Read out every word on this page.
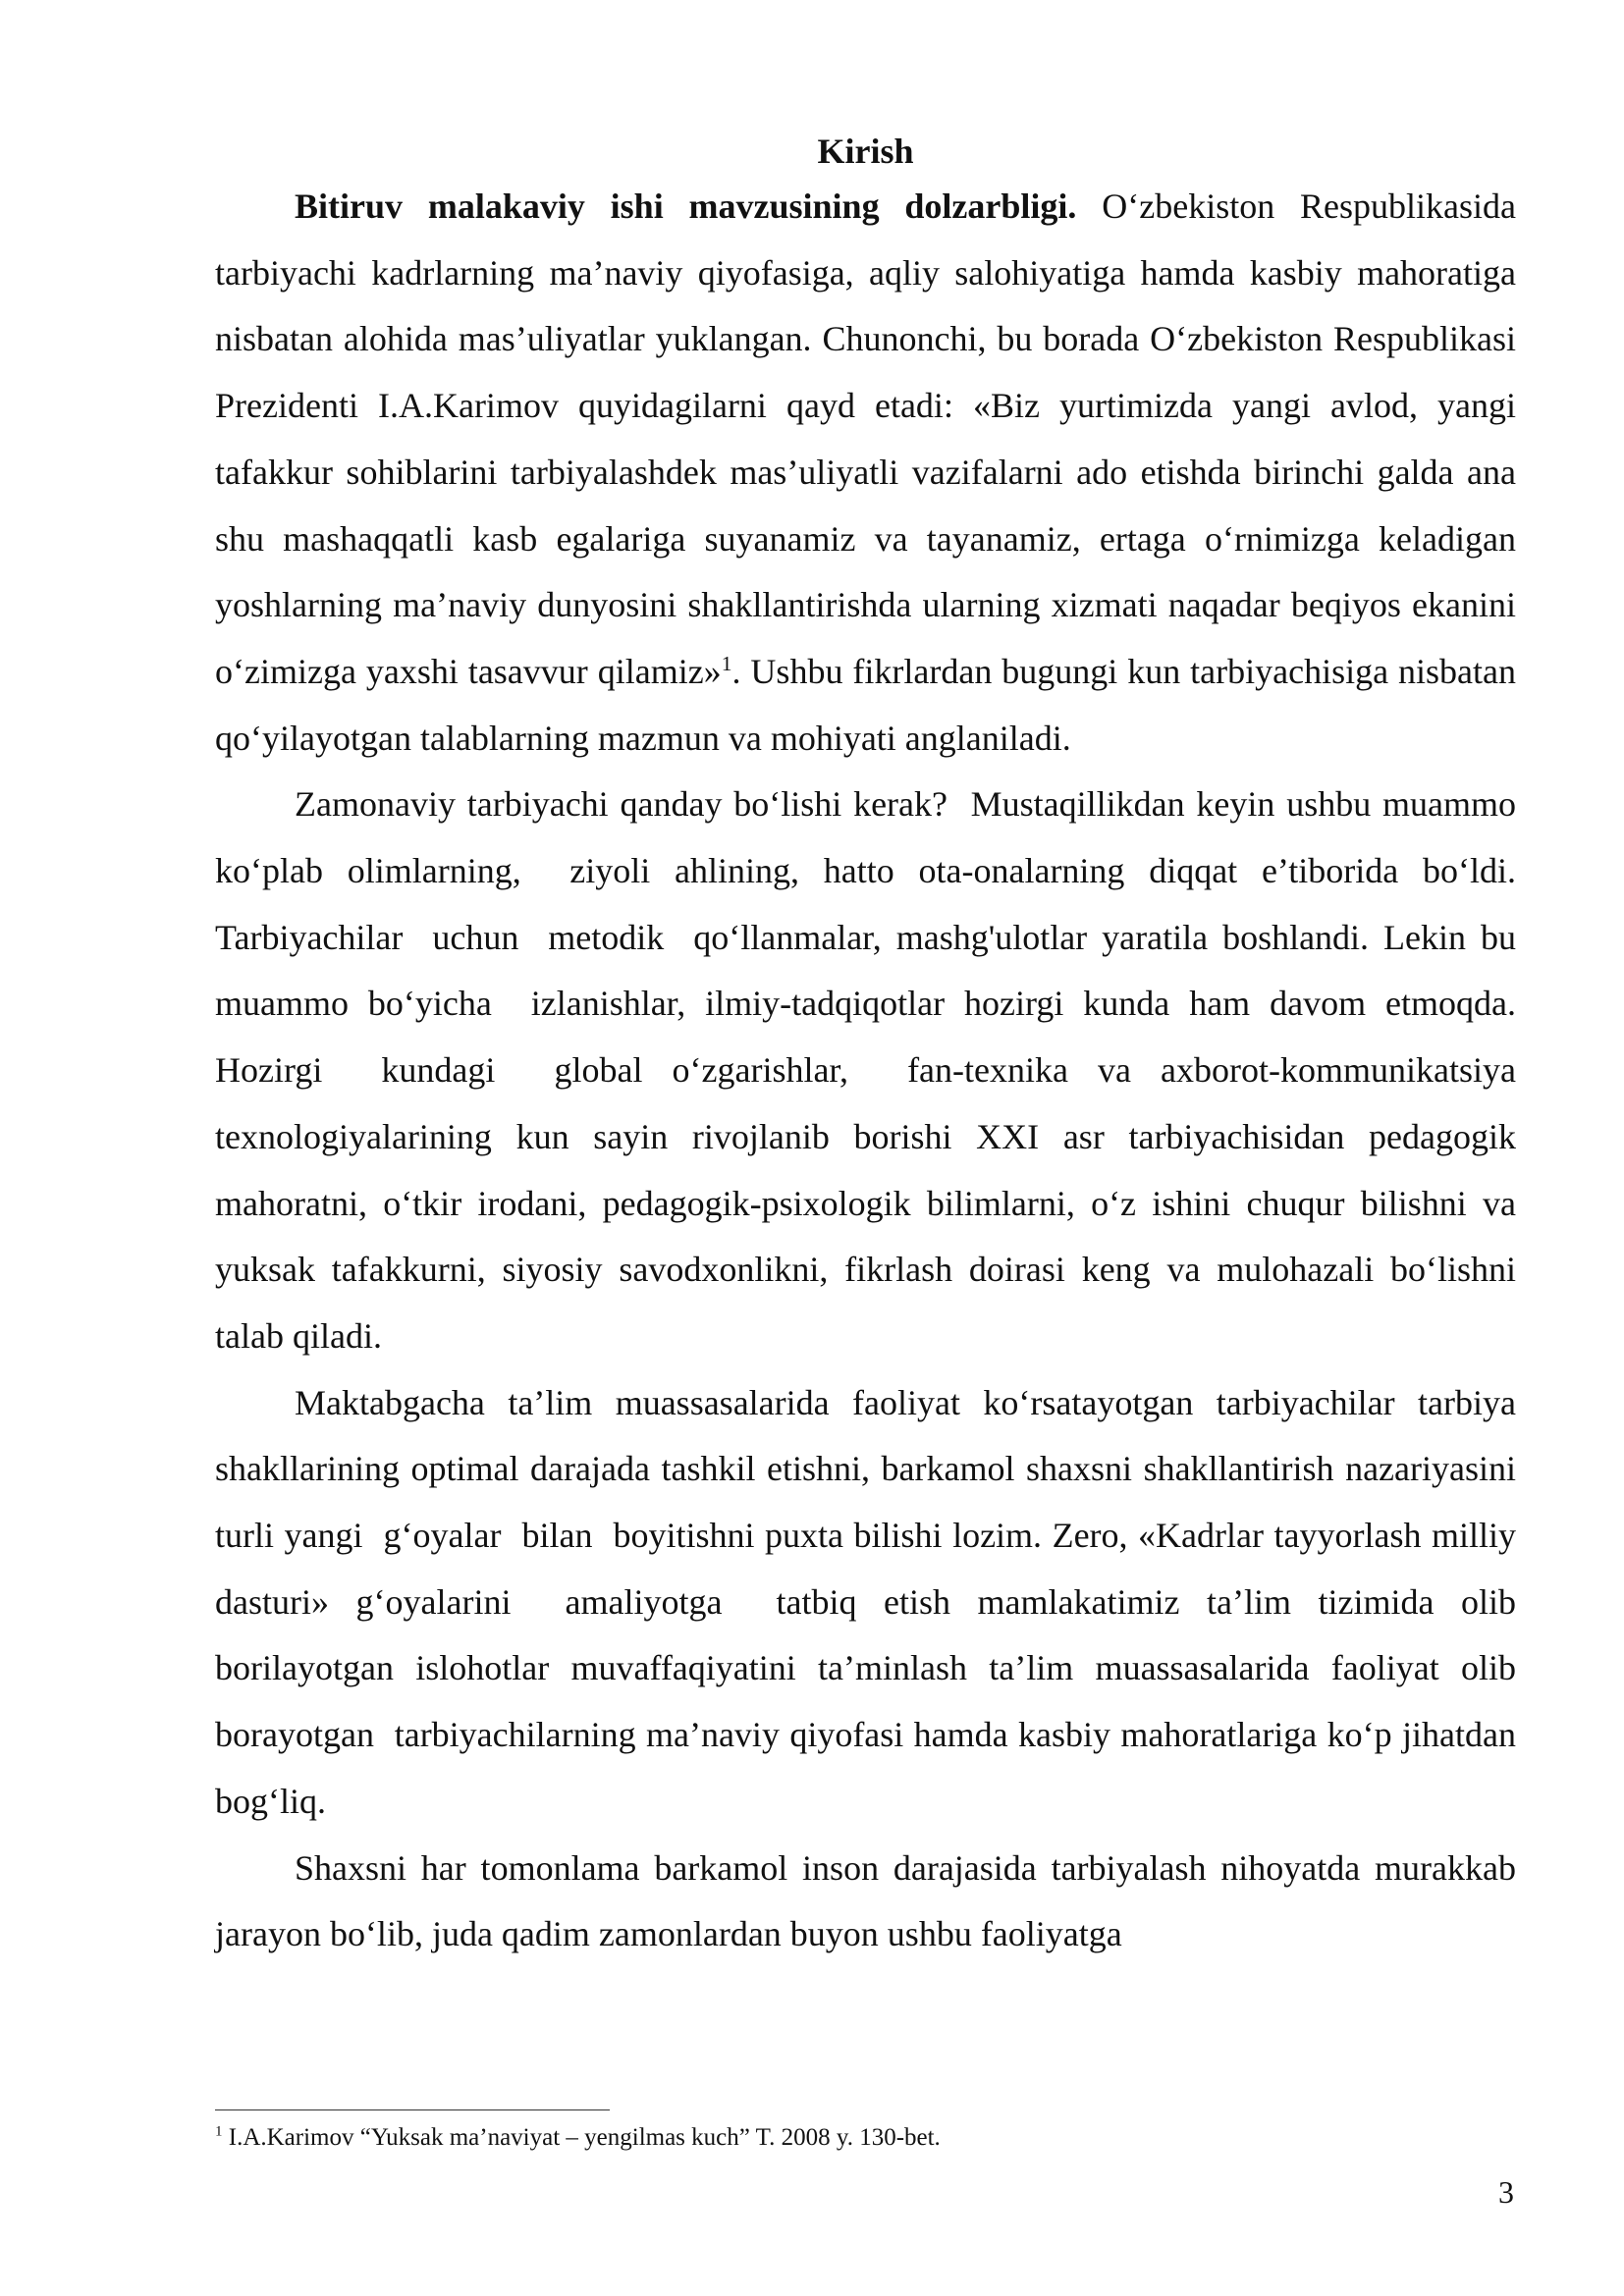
Kirish

Bitiruv malakaviy ishi mavzusining dolzarbligi. O‘zbekiston Respublikasida tarbiyachi kadrlarning ma’naviy qiyofasiga, aqliy salohiyatiga hamda kasbiy mahoratiga nisbatan alohida mas’uliyatlar yuklangan. Chunonchi, bu borada O‘zbekiston Respublikasi Prezidenti I.A.Karimov quyidagilarni qayd etadi: «Biz yurtimizda yangi avlod, yangi tafakkur sohiblarini tarbiyalashdek mas’uliyatli vazifalarni ado etishda birinchi galda ana shu mashaqqatli kasb egalariga suyanamiz va tayanamiz, ertaga o‘rnimizga keladigan yoshlarning ma’naviy dunyosini shakllantirishda ularning xizmati naqadar beqiyos ekanini o‘zimizga yaxshi tasavvur qilamiz»$^1$. Ushbu fikrlardan bugungi kun tarbiyachisiga nisbatan qo‘yilayotgan talablarning mazmun va mohiyati anglaniladi.

Zamonaviy tarbiyachi qanday bo‘lishi kerak?  Mustaqillikdan keyin ushbu muammo ko‘plab olimlarning,  ziyoli ahlining, hatto ota-onalarning diqqat e’tiborida bo‘ldi. Tarbiyachilar  uchun  metodik  qo‘llanmalar, mashg'ulotlar yaratila boshlandi. Lekin bu muammo bo‘yicha  izlanishlar, ilmiy-tadqiqotlar hozirgi kunda ham davom etmoqda. Hozirgi  kundagi  global o‘zgarishlar,  fan-texnika va axborot-kommunikatsiya  texnologiyalarining kun sayin rivojlanib borishi XXI asr tarbiyachisidan pedagogik mahoratni, o‘tkir irodani, pedagogik-psixologik bilimlarni, o‘z ishini chuqur bilishni va yuksak tafakkurni, siyosiy savodxonlikni, fikrlash doirasi keng va mulohazali bo‘lishni talab qiladi.

Maktabgacha ta’lim muassasalarida faoliyat ko‘rsatayotgan tarbiyachilar tarbiya shakllarining optimal darajada tashkil etishni, barkamol shaxsni shakllantirish nazariyasini  turli yangi  g‘oyalar  bilan  boyitishni puxta bilishi lozim. Zero, «Kadrlar tayyorlash milliy dasturi» g‘oyalarini  amaliyotga  tatbiq etish mamlakatimiz ta’lim tizimida olib borilayotgan islohotlar muvaffaqiyatini ta’minlash ta’lim muassasalarida faoliyat olib borayotgan  tarbiyachilarning ma’naviy qiyofasi hamda kasbiy mahoratlariga ko‘p jihatdan bog‘liq.

Shaxsni har tomonlama barkamol inson darajasida tarbiyalash nihoyatda murakkab jarayon bo‘lib, juda qadim zamonlardan buyon ushbu faoliyatga

$^1$ I.A.Karimov “Yuksak ma’naviyat – yengilmas kuch” T. 2008 y. 130-bet.

3
